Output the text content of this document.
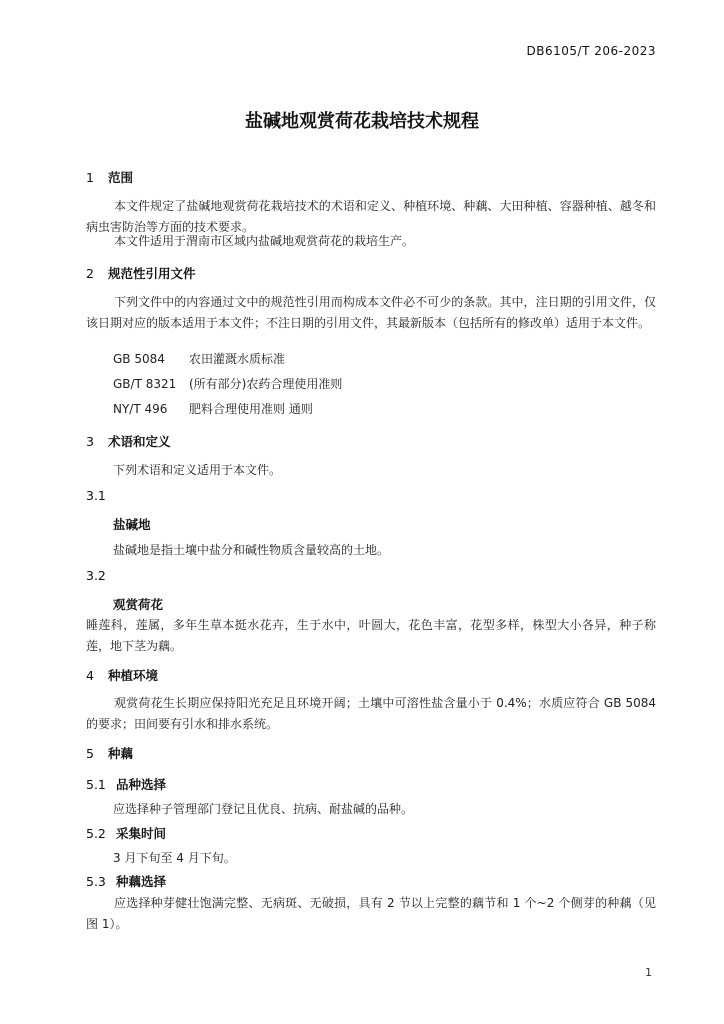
DB6105/T 206-2023
盐碱地观赏荷花栽培技术规程
1 范围
本文件规定了盐碱地观赏荷花栽培技术的术语和定义、种植环境、种藕、大田种植、容器种植、越冬和病虫害防治等方面的技术要求。
本文件适用于渭南市区域内盐碱地观赏荷花的栽培生产。
2 规范性引用文件
下列文件中的内容通过文中的规范性引用而构成本文件必不可少的条款。其中，注日期的引用文件，仅该日期对应的版本适用于本文件；不注日期的引用文件，其最新版本（包括所有的修改单）适用于本文件。
GB 5084 农田灌溉水质标准
GB/T 8321 (所有部分)农药合理使用准则
NY/T 496 肥料合理使用准则 通则
3 术语和定义
下列术语和定义适用于本文件。
3.1
盐碱地
盐碱地是指土壤中盐分和碱性物质含量较高的土地。
3.2
观赏荷花
睡莲科，莲属，多年生草本挺水花卉，生于水中，叶圆大，花色丰富，花型多样，株型大小各异，种子称莲，地下茎为藕。
4 种植环境
观赏荷花生长期应保持阳光充足且环境开阔；土壤中可溶性盐含量小于 0.4%；水质应符合 GB 5084 的要求；田间要有引水和排水系统。
5 种藕
5.1 品种选择
应选择种子管理部门登记且优良、抗病、耐盐碱的品种。
5.2 采集时间
3 月下旬至 4 月下旬。
5.3 种藕选择
应选择种芽健壮饱满完整、无病斑、无破损，具有 2 节以上完整的藕节和 1 个~2 个侧芽的种藕（见图 1）。
1
